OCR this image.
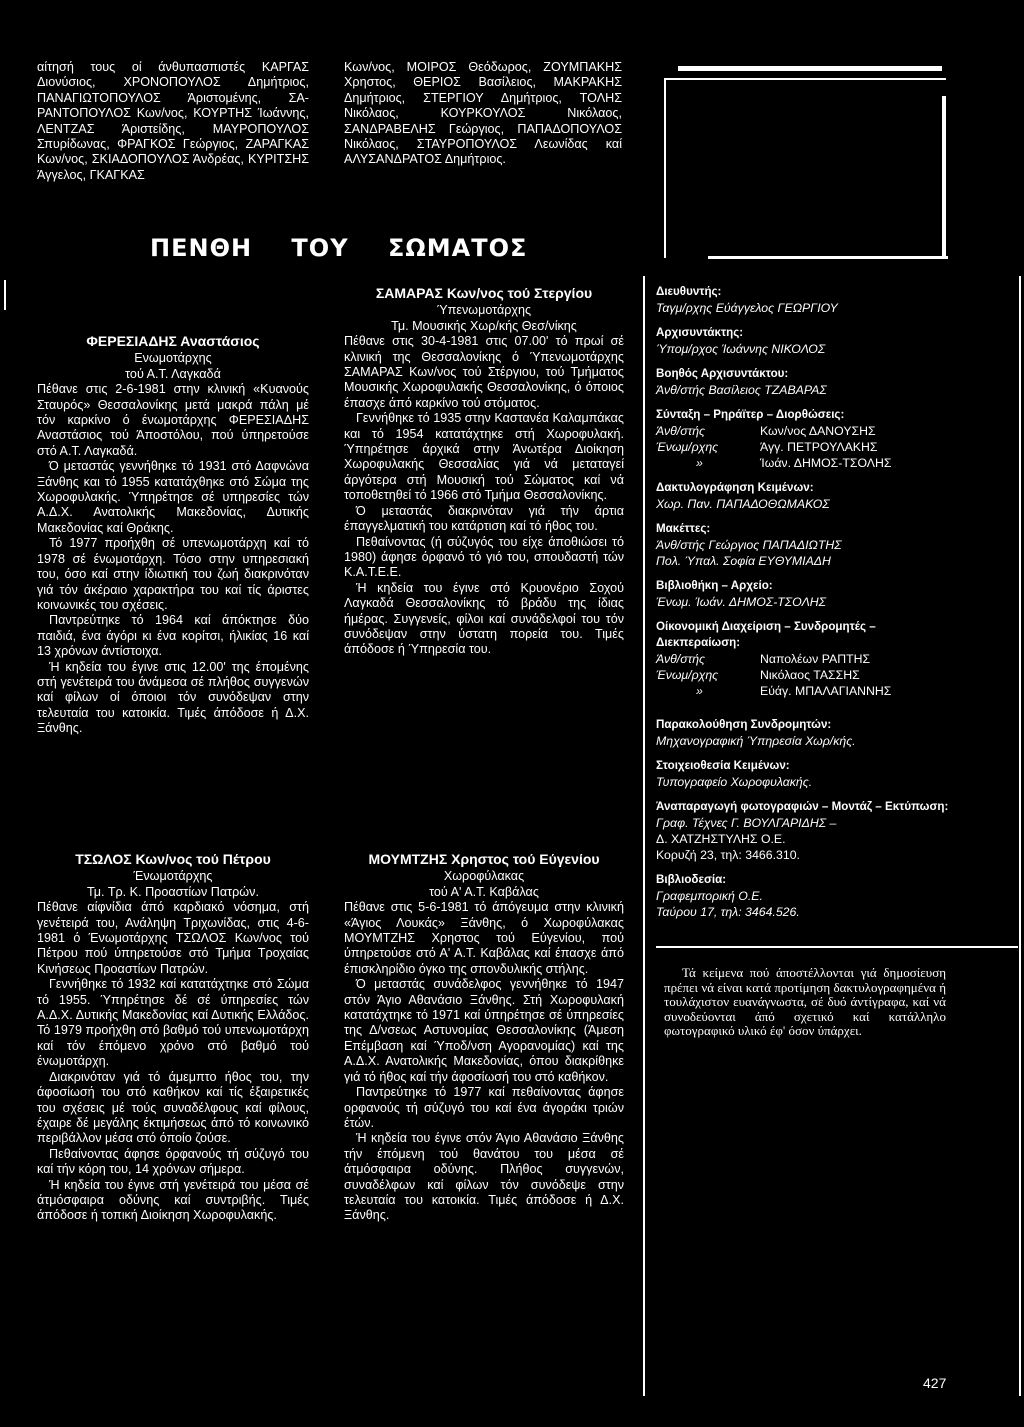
αίτησή τους οί άνθυπασπιστές ΚΑΡΓΑΣ Διονύσιος, ΧΡΟΝΟΠΟΥΛΟΣ Δημήτριος, ΠΑΝΑΓΙΩΤΟΠΟΥΛΟΣ Άριστομένης, ΣΑΡΑΝΤΟΠΟΥΛΟΣ Κων/νος, ΚΟΥΡΤΗΣ Ίωάννης, ΛΕΝΤΖΑΣ Άριστείδης, ΜΑΥΡΟΠΟΥΛΟΣ Σπυρίδωνας, ΦΡΑΓΚΟΣ Γεώργιος, ΖΑΡΑΓΚΑΣ Κων/νος, ΣΚΙΑΔΟΠΟΥΛΟΣ Άνδρέας, ΚΥΡΙΤΣΗΣ Άγγελος, ΓΚΑΓΚΑΣ

Κων/νος, ΜΟΙΡΟΣ Θεόδωρος, ΖΟΥΜΠΑΚΗΣ Χρηστος, ΘΕΡΙΟΣ Βασίλειος, ΜΑΚΡΑΚΗΣ Δημήτριος, ΣΤΕΡΓΙΟΥ Δημήτριος, ΤΟΛΗΣ Νικόλαος, ΚΟΥΡΚΟΥΛΟΣ Νικόλαος, ΣΑΝΔΡΑΒΕΛΗΣ Γεώργιος, ΠΑΠΑΔΟΠΟΥΛΟΣ Νικόλαος, ΣΤΑΥΡΟΠΟΥΛΟΣ Λεωνίδας καί ΑΛΥΣΑΝΔΡΑΤΟΣ Δημήτριος.

ΠΕΝΘΗ ΤΟΥ ΣΩΜΑΤΟΣ
ΦΕΡΕΣΙΑΔΗΣ Αναστάσιος
Ενωμοτάρχης
τού Α.Τ. Λαγκαδά

Πέθανε στις 2-6-1981 στην κλινική «Κυανούς Σταυρός» Θεσσαλονίκης μετά μακρά πάλη μέ τόν καρκίνο ό ένωμοτάρχης ΦΕΡΕΣΙΑΔΗΣ Αναστάσιος τού Άποστόλου, πού ύπηρετούσε στό Α.Τ. Λαγκαδά.

Ό μεταστάς γεννήθηκε τό 1931 στό Δαφνώνα Ξάνθης και τό 1955 κατατάχθηκε στό Σώμα της Χωροφυλακής. Ύπηρέτησε σέ υπηρεσίες τών Α.Δ.Χ. Ανατολικής Μακεδονίας, Δυτικής Μακεδονίας καί Θράκης.

Τό 1977 προήχθη σέ υπενωμοτάρχη καί τό 1978 σέ ένωμοτάρχη. Τόσο στην υπηρεσιακή του, όσο καί στην ίδιωτική του ζωή διακρινόταν γιά τόν άκέραιο χαρακτήρα του καί τίς άριστες κοινωνικές του σχέσεις.

Παντρεύτηκε τό 1964 καί άπόκτησε δύο παιδιά, ένα άγόρι κι ένα κορίτσι, ήλικίας 16 καί 13 χρόνων άντίστοιχα.

Ή κηδεία του έγινε στις 12.00' της έπομένης στή γενέτειρά του άνάμεσα σέ πλήθος συγγενών καί φίλων οί όποιοι τόν συνόδεψαν στην τελευταία του κατοικία. Τιμές άπόδοσε ή Δ.Χ. Ξάνθης.

ΤΣΩΛΟΣ Κων/νος τού Πέτρου
Ένωμοτάρχης
Τμ. Τρ. Κ. Προαστίων Πατρών.

Πέθανε αίφνίδια άπό καρδιακό νόσημα, στή γενέτειρά του, Ανάληψη Τριχωνίδας, στις 4-6-1981 ό Ένωμοτάρχης ΤΣΩΛΟΣ Κων/νος τού Πέτρου πού ύπηρετούσε στό Τμήμα Τροχαίας Κινήσεως Προαστίων Πατρών.

Γεννήθηκε τό 1932 καί κατατάχτηκε στό Σώμα τό 1955. Ύπηρέτησε δέ σέ ύπηρεσίες τών Α.Δ.Χ. Δυτικής Μακεδονίας καί Δυτικής Ελλάδος. Τό 1979 προήχθη στό βαθμό τού υπενωμοτάρχη καί τόν έπόμενο χρόνο στό βαθμό τού ένωμοτάρχη.

Διακρινόταν γιά τό άμεμπτο ήθος του, την άφοσίωσή του στό καθήκον καί τίς έξαιρετικές του σχέσεις μέ τούς συναδέλφους καί φίλους, έχαιρε δέ μεγάλης έκτιμήσεως άπό τό κοινωνικό περιβάλλον μέσα στό όποίο ζούσε.

Πεθαίνοντας άφησε όρφανούς τή σύζυγό του καί τήν κόρη του, 14 χρόνων σήμερα.

Ή κηδεία του έγινε στή γενέτειρά του μέσα σέ άτμόσφαιρα οδύνης καί συντριβής. Τιμές άπόδοσε ή τοπική Διοίκηση Χωροφυλακής.

ΣΑΜΑΡΑΣ Κων/νος τού Στεργίου
Ύπενωμοτάρχης
Τμ. Μουσικής Χωρ/κής Θεσ/νίκης

Πέθανε στις 30-4-1981 στις 07.00' τό πρωί σέ κλινική της Θεσσαλονίκης ό Ύπενωμοτάρχης ΣΑΜΑΡΑΣ Κων/νος τού Στέργιου, τού Τμήματος Μουσικής Χωροφυλακής Θεσσαλονίκης, ό όποιος έπασχε άπό καρκίνο τού στόματος.

Γεννήθηκε τό 1935 στην Καστανέα Καλαμπάκας και τό 1954 κατατάχτηκε στή Χωροφυλακή. Ύπηρέτησε άρχικά στην Άνωτέρα Διοίκηση Χωροφυλακής Θεσσαλίας γιά νά μεταταγεί άργότερα στή Μουσική τού Σώματος καί νά τοποθετηθεί τό 1966 στό Τμήμα Θεσσαλονίκης.

Ό μεταστάς διακρινόταν γιά τήν άρτια έπαγγελματική του κατάρτιση καί τό ήθος του.

Πεθαίνοντας (ή σύζυγός του είχε άποθιώσει τό 1980) άφησε όρφανό τό γιό του, σπουδαστή τών Κ.Α.Τ.Ε.Ε.

Ή κηδεία του έγινε στό Κρυονέριο Σοχού Λαγκαδά Θεσσαλονίκης τό βράδυ της ίδιας ήμέρας. Συγγενείς, φίλοι καί συνάδελφοί του τόν συνόδεψαν στην ύστατη πορεία του. Τιμές άπόδοσε ή Ύπηρεσία του.

ΜΟΥΜΤΖΗΣ Χρηστος τού Εύγενίου
Χωροφύλακας
τού Α' Α.Τ. Καβάλας

Πέθανε στις 5-6-1981 τό άπόγευμα στην κλινική «Άγιος Λουκάς» Ξάνθης, ό Χωροφύλακας ΜΟΥΜΤΖΗΣ Χρηστος τού Εύγενίου, πού ύπηρετούσε στό Α' Α.Τ. Καβάλας καί έπασχε άπό έπισκληρίδιο όγκο της σπονδυλικής στήλης.

Ό μεταστάς συνάδελφος γεννήθηκε τό 1947 στόν Άγιο Αθανάσιο Ξάνθης. Στή Χωροφυλακή κατατάχτηκε τό 1971 καί ύπηρέτησε σέ ύπηρεσίες της Δ/νσεως Αστυνομίας Θεσσαλονίκης (Άμεση Επέμβαση καί Ύποδ/νση Αγορανομίας) καί της Α.Δ.Χ. Ανατολικής Μακεδονίας, όπου διακρίθηκε γιά τό ήθος καί τήν άφοσίωσή του στό καθήκον.

Παντρεύτηκε τό 1977 καί πεθαίνοντας άφησε ορφανούς τή σύζυγό του καί ένα άγοράκι τριών έτών.

Ή κηδεία του έγινε στόν Άγιο Αθανάσιο Ξάνθης τήν έπόμενη τού θανάτου του μέσα σέ άτμόσφαιρα οδύνης. Πλήθος συγγενών, συναδέλφων καί φίλων τόν συνόδεψε στην τελευταία του κατοικία. Τιμές άπόδοσε ή Δ.Χ. Ξάνθης.

Διευθυντής:
Ταγμ/ρχης Εύάγγελος ΓΕΩΡΓΙΟΥ
Αρχισυντάκτης:
Ύπομ/ρχος Ίωάννης ΝΙΚΟΛΟΣ
Βοηθός Αρχισυντάκτου:
Άνθ/στής Βασίλειος ΤΖΑΒΑΡΑΣ
Σύνταξη – Ρηράϊτερ – Διορθώσεις:
Άνθ/στής	Κων/νος ΔΑΝΟΥΣΗΣ
Ένωμ/ρχης	Άγγ. ΠΕΤΡΟΥΛΑΚΗΣ
»	Ίωάν. ΔΗΜΟΣ-ΤΣΟΛΗΣ
Δακτυλογράφηση Κειμένων:
Χωρ. Παν. ΠΑΠΑΔΟΘΩΜΑΚΟΣ
Μακέττες:
Άνθ/στής Γεώργιος ΠΑΠΑΔΙΩΤΗΣ
Πολ. Ύπαλ. Σοφία ΕΥΘΥΜΙΑΔΗ
Βιβλιοθήκη – Αρχείο:
Ένωμ. Ίωάν. ΔΗΜΟΣ-ΤΣΟΛΗΣ
Οίκονομική Διαχείριση – Συνδρομητές – Διεκπεραίωση:
Άνθ/στής	Ναπολέων ΡΑΠΤΗΣ
Ένωμ/ρχης	Νικόλαος ΤΑΣΣΗΣ
»	Εύάγ. ΜΠΑΛΑΓΙΑΝΝΗΣ
Παρακολούθηση Συνδρομητών:
Μηχανογραφική Ύπηρεσία Χωρ/κής.
Στοιχειοθεσία Κειμένων:
Τυπογραφείο Χωροφυλακής.
Άναπαραγωγή φωτογραφιών – Μοντάζ – Εκτύπωση:
Γραφ. Τέχνες Γ. ΒΟΥΛΓΑΡΙΔΗΣ –
Δ. ΧΑΤΖΗΣΤΥΛΗΣ Ο.Ε.
Κορυζή 23, τηλ: 3466.310.
Βιβλιοδεσία:
Γραφεμπορική Ο.Ε.
Ταύρου 17, τηλ: 3464.526.

Τά κείμενα πού άποστέλλονται γιά δημοσίευση πρέπει νά είναι κατά προτίμηση δακτυλογραφημένα ή τουλάχιστον ευανάγνωστα, σέ δυό άντίγραφα, καί νά συνοδεύονται άπό σχετικό καί κατάλληλο φωτογραφικό υλικό έφ' όσον ύπάρχει.

427
